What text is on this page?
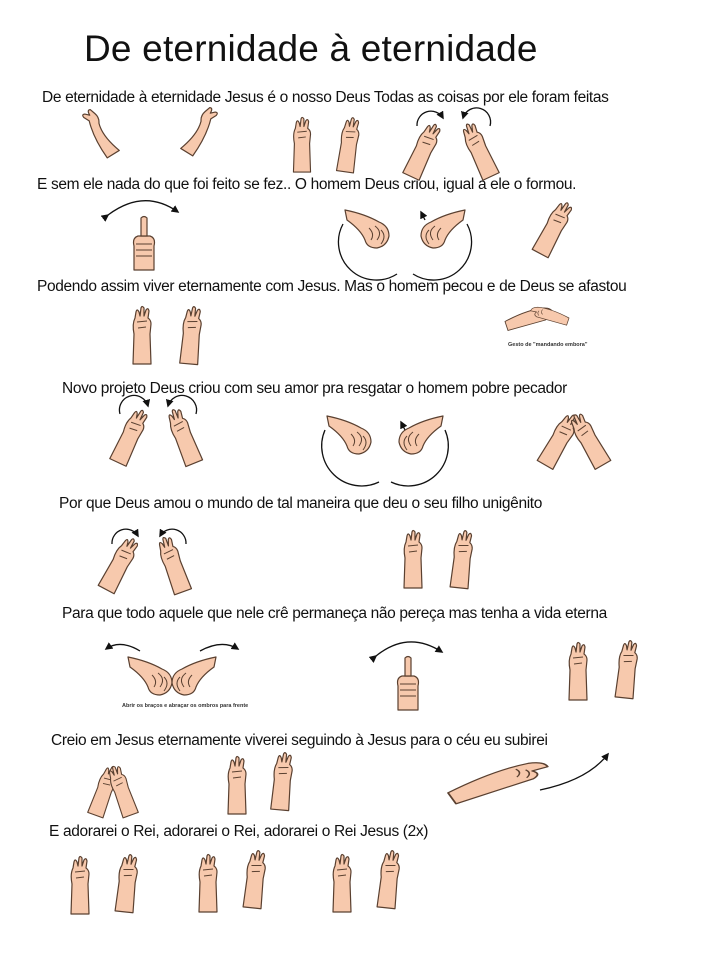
De eternidade à eternidade
De eternidade à eternidade Jesus é o nosso Deus Todas as coisas por ele foram feitas
E sem ele nada do que foi feito se fez.. O homem Deus criou, igual a ele o formou.
Podendo assim viver eternamente com Jesus. Mas o homem pecou e de Deus se afastou
Novo projeto Deus criou com seu amor pra resgatar o homem pobre pecador
Por que Deus amou o mundo de tal maneira que deu o seu filho unigênito
Para que todo aquele que nele crê permaneça não pereça mas tenha a vida eterna
Creio em Jesus eternamente viverei seguindo à Jesus para o céu eu subirei
E adorarei o Rei, adorarei o Rei, adorarei o Rei Jesus (2x)
Gesto de "mandando embora"
Abrir os braços e abraçar os ombros para frente
